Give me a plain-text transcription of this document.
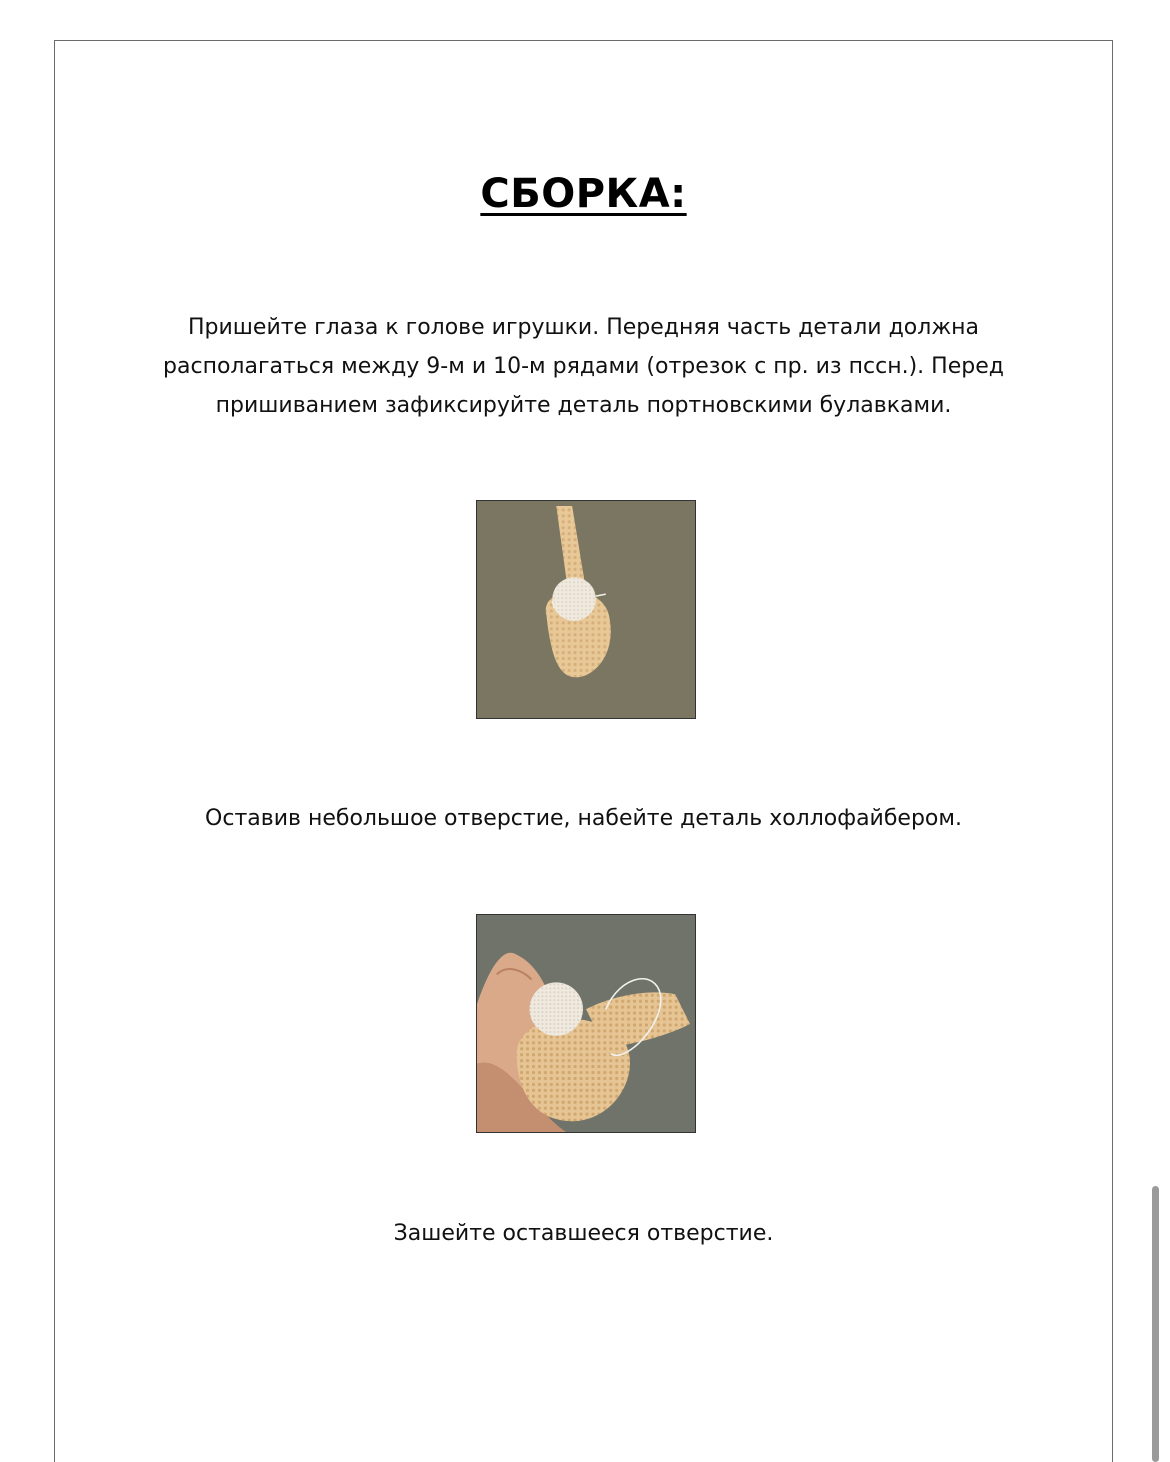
СБОРКА:
Пришейте глаза к голове игрушки. Передняя часть детали должна
располагаться между 9-м и 10-м рядами (отрезок с пр. из пссн.). Перед
пришиванием зафиксируйте деталь портновскими булавками.
Оставив небольшое отверстие, набейте деталь холлофайбером.
Зашейте оставшееся отверстие.
